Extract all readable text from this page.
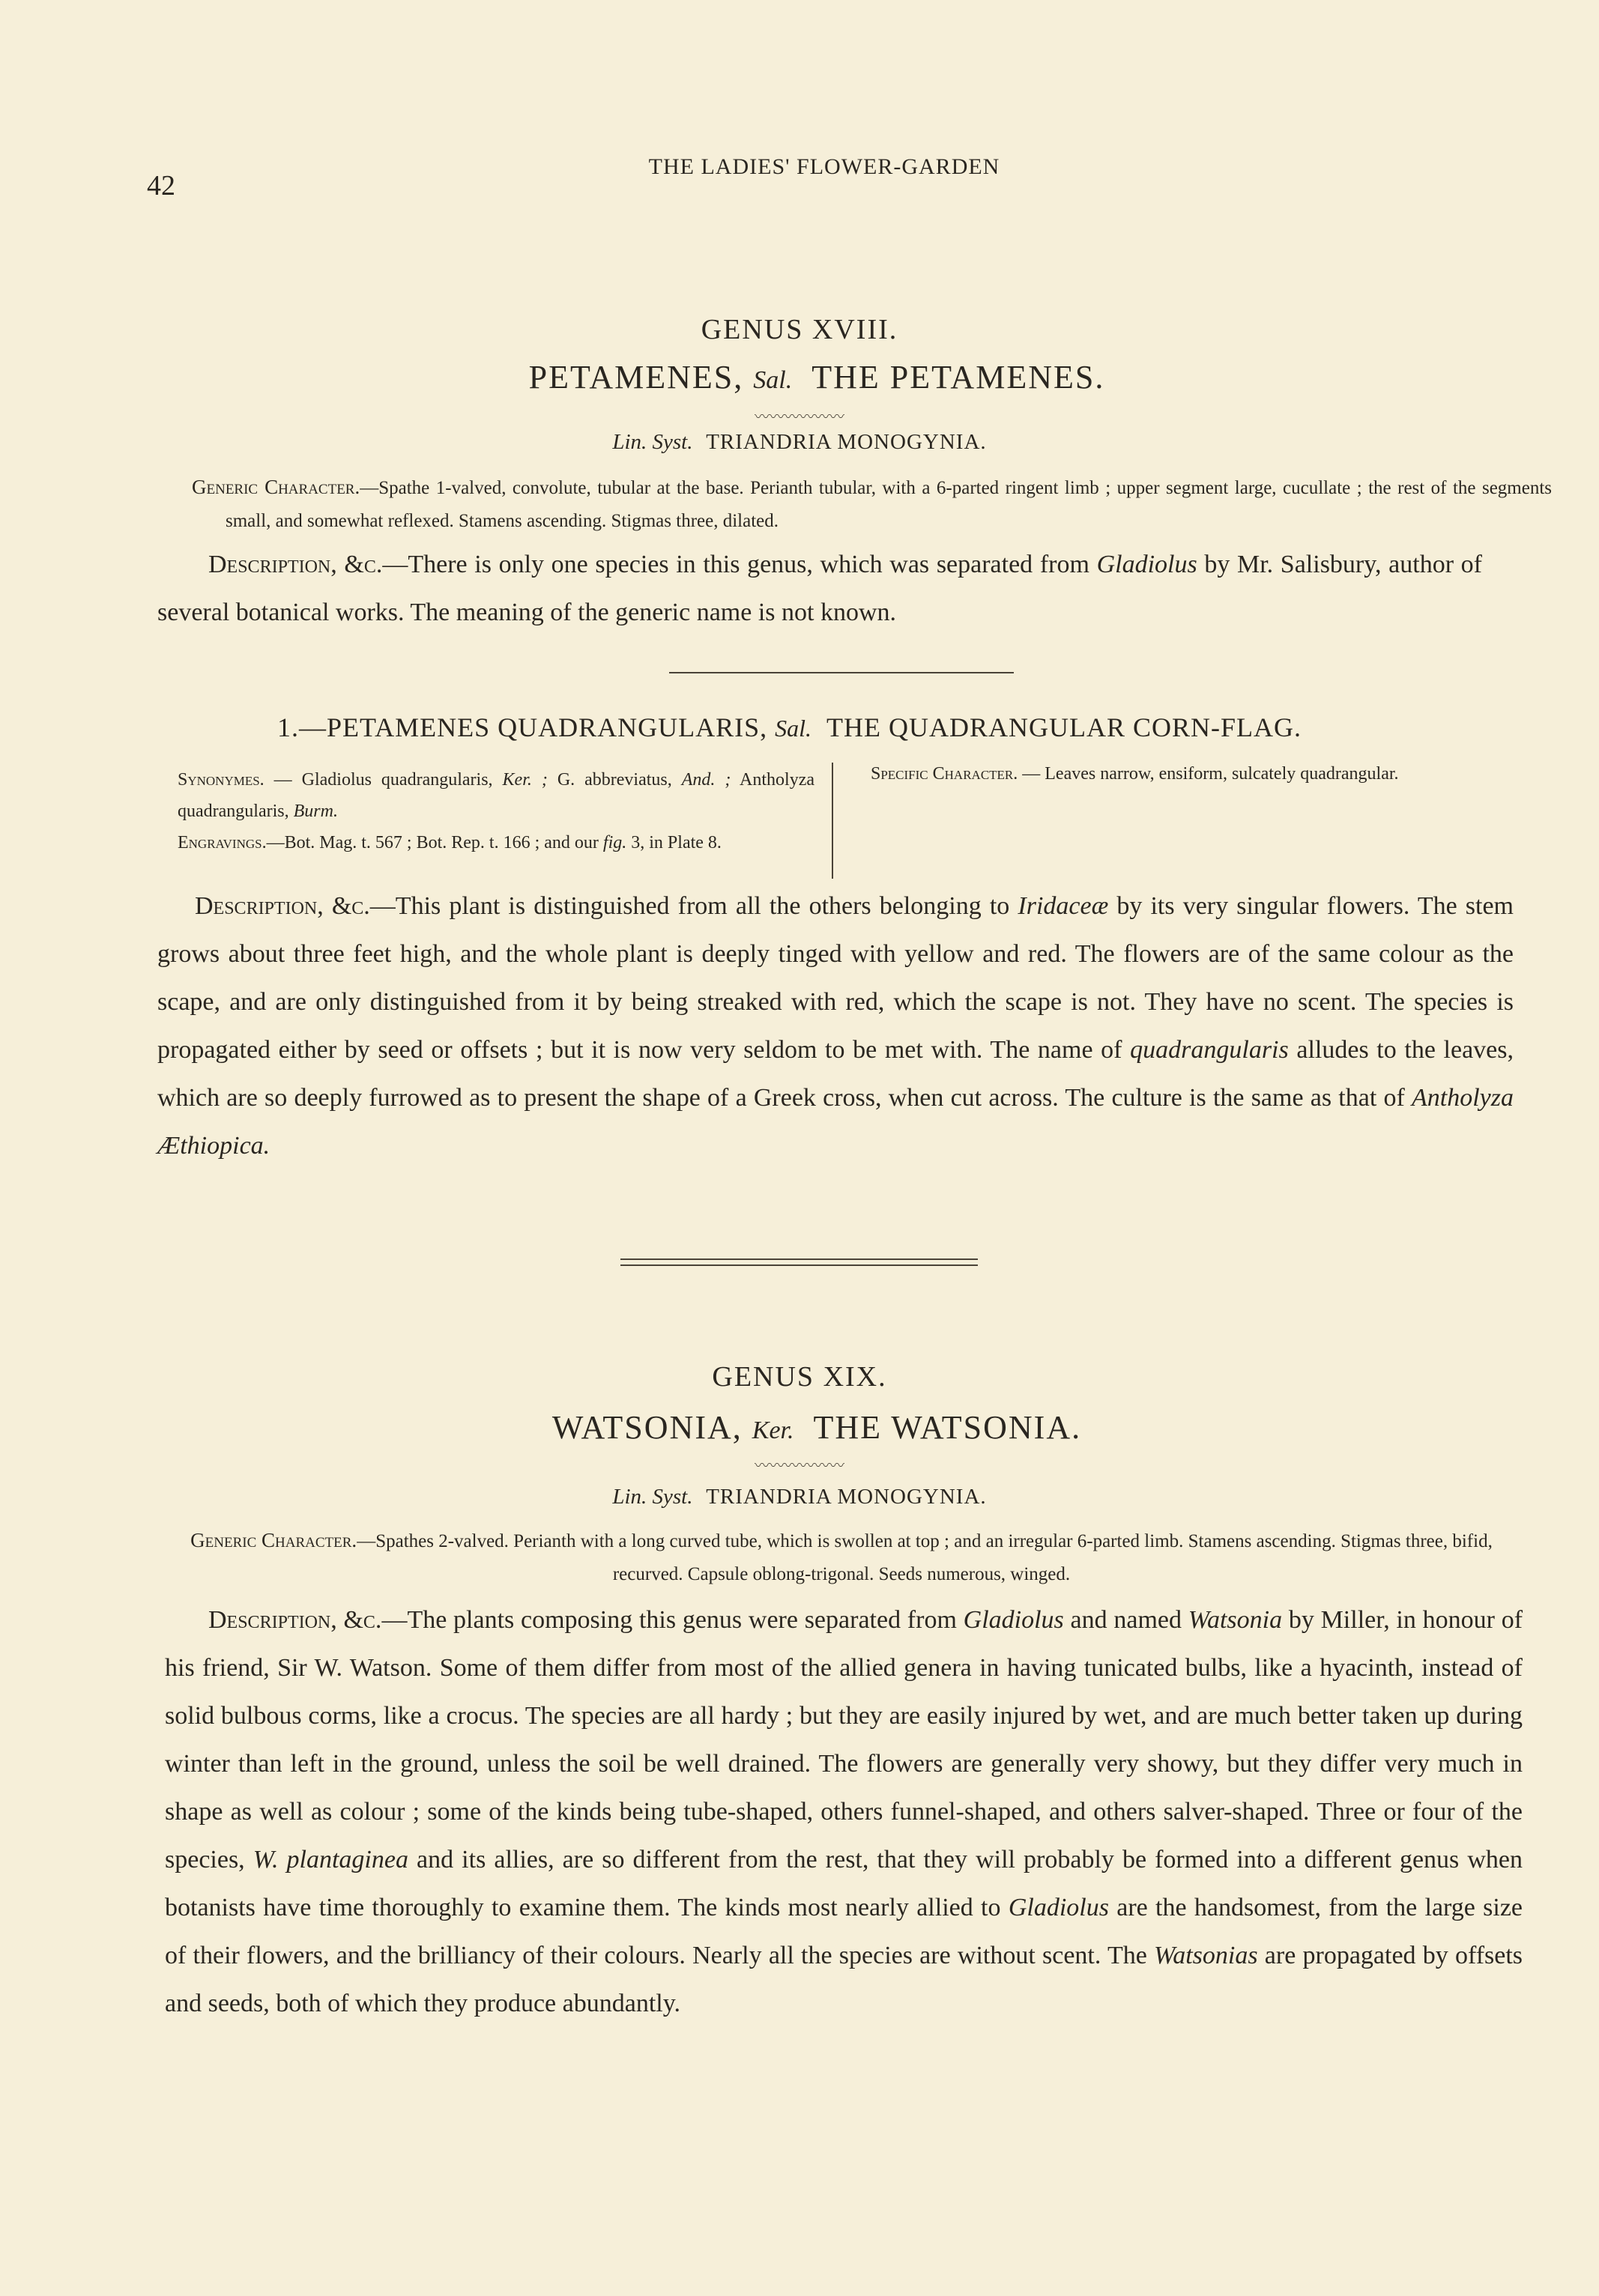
42
THE LADIES' FLOWER-GARDEN
GENUS XVIII.
PETAMENES, Sal. THE PETAMENES.
〰〰〰〰〰〰
Lin. Syst. TRIANDRIA MONOGYNIA.
Generic Character.—Spathe 1-valved, convolute, tubular at the base. Perianth tubular, with a 6-parted ringent limb ; upper segment large, cucullate ; the rest of the segments small, and somewhat reflexed. Stamens ascending. Stigmas three, dilated.
Description, &c.—There is only one species in this genus, which was separated from Gladiolus by Mr. Salisbury, author of several botanical works. The meaning of the generic name is not known.
1.—PETAMENES QUADRANGULARIS, Sal. THE QUADRANGULAR CORN-FLAG.
Synonymes. — Gladiolus quadrangularis, Ker. ; G. abbreviatus, And. ; Antholyza quadrangularis, Burm.
Engravings.—Bot. Mag. t. 567 ; Bot. Rep. t. 166 ; and our fig. 3, in Plate 8.
Specific Character. — Leaves narrow, ensiform, sulcately quadrangular.
Description, &c.—This plant is distinguished from all the others belonging to Iridaceæ by its very singular flowers. The stem grows about three feet high, and the whole plant is deeply tinged with yellow and red. The flowers are of the same colour as the scape, and are only distinguished from it by being streaked with red, which the scape is not. They have no scent. The species is propagated either by seed or offsets ; but it is now very seldom to be met with. The name of quadrangularis alludes to the leaves, which are so deeply furrowed as to present the shape of a Greek cross, when cut across. The culture is the same as that of Antholyza Æthiopica.
GENUS XIX.
WATSONIA, Ker. THE WATSONIA.
〰〰〰〰〰〰
Lin. Syst. TRIANDRIA MONOGYNIA.
Generic Character.—Spathes 2-valved. Perianth with a long curved tube, which is swollen at top ; and an irregular 6-parted limb. Stamens ascending. Stigmas three, bifid, recurved. Capsule oblong-trigonal. Seeds numerous, winged.
Description, &c.—The plants composing this genus were separated from Gladiolus and named Watsonia by Miller, in honour of his friend, Sir W. Watson. Some of them differ from most of the allied genera in having tunicated bulbs, like a hyacinth, instead of solid bulbous corms, like a crocus. The species are all hardy ; but they are easily injured by wet, and are much better taken up during winter than left in the ground, unless the soil be well drained. The flowers are generally very showy, but they differ very much in shape as well as colour ; some of the kinds being tube-shaped, others funnel-shaped, and others salver-shaped. Three or four of the species, W. plantaginea and its allies, are so different from the rest, that they will probably be formed into a different genus when botanists have time thoroughly to examine them. The kinds most nearly allied to Gladiolus are the handsomest, from the large size of their flowers, and the brilliancy of their colours. Nearly all the species are without scent. The Watsonias are propagated by offsets and seeds, both of which they produce abundantly.
